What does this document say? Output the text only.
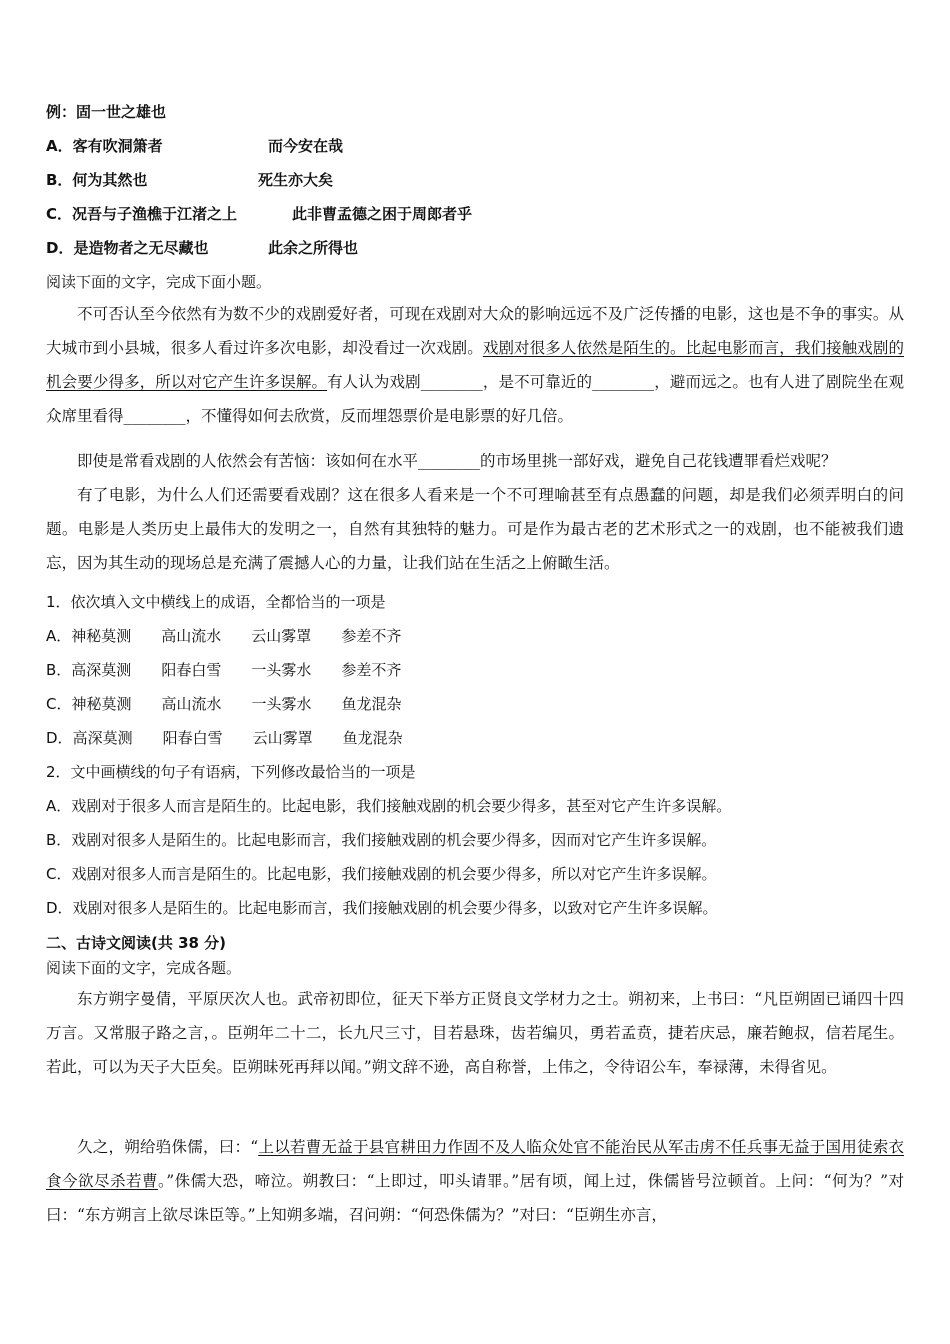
例：固一世之雄也
A．客有吹洞箫者	而今安在哉
B．何为其然也	死生亦大矣
C．况吾与子渔樵于江渚之上	此非曹孟德之困于周郎者乎
D．是造物者之无尽藏也	此余之所得也
阅读下面的文字，完成下面小题。
不可否认至今依然有为数不少的戏剧爱好者，可现在戏剧对大众的影响远远不及广泛传播的电影，这也是不争的事实。从大城市到小县城，很多人看过许多次电影，却没看过一次戏剧。戏剧对很多人依然是陌生的。比起电影而言，我们接触戏剧的机会要少得多，所以对它产生许多误解。有人认为戏剧________，是不可靠近的________，避而远之。也有人进了剧院坐在观众席里看得________，不懂得如何去欣赏，反而埋怨票价是电影票的好几倍。
即使是常看戏剧的人依然会有苦恼：该如何在水平________的市场里挑一部好戏，避免自己花钱遭罪看烂戏呢？
有了电影，为什么人们还需要看戏剧？这在很多人看来是一个不可理喻甚至有点愚蠢的问题，却是我们必须弄明白的问题。电影是人类历史上最伟大的发明之一，自然有其独特的魅力。可是作为最古老的艺术形式之一的戏剧，也不能被我们遗忘，因为其生动的现场总是充满了震撼人心的力量，让我们站在生活之上俯瞰生活。
1．依次填入文中横线上的成语，全都恰当的一项是
A．神秘莫测 高山流水 云山雾罩 参差不齐
B．高深莫测 阳春白雪 一头雾水 参差不齐
C．神秘莫测 高山流水 一头雾水 鱼龙混杂
D．高深莫测 阳春白雪 云山雾罩 鱼龙混杂
2．文中画横线的句子有语病，下列修改最恰当的一项是
A．戏剧对于很多人而言是陌生的。比起电影，我们接触戏剧的机会要少得多，甚至对它产生许多误解。
B．戏剧对很多人是陌生的。比起电影而言，我们接触戏剧的机会要少得多，因而对它产生许多误解。
C．戏剧对很多人而言是陌生的。比起电影，我们接触戏剧的机会要少得多，所以对它产生许多误解。
D．戏剧对很多人是陌生的。比起电影而言，我们接触戏剧的机会要少得多，以致对它产生许多误解。
二、古诗文阅读(共 38 分)
阅读下面的文字，完成各题。
东方朔字曼倩，平原厌次人也。武帝初即位，征天下举方正贤良文学材力之士。朔初来，上书曰：“凡臣朔固已诵四十四万言。又常服子路之言，。臣朔年二十二，长九尺三寸，目若悬珠，齿若编贝，勇若孟贲，捷若庆忌，廉若鲍叔，信若尾生。若此，可以为天子大臣矣。臣朔昧死再拜以闻。”朔文辞不逊，高自称誉，上伟之，令待诏公车，奉禄薄，未得省见。
久之，朔给驺侏儒，曰：“上以若曹无益于县官耕田力作固不及人临众处官不能治民从军击虏不任兵事无益于国用徒索衣食今欲尽杀若曹。”侏儒大恐，啼泣。朔教曰：“上即过，叩头请罪。”居有顷，闻上过，侏儒皆号泣顿首。上问：“何为？”对曰：“东方朔言上欲尽诛臣等。”上知朔多端，召问朔：“何恐侏儒为？”对曰：“臣朔生亦言，
